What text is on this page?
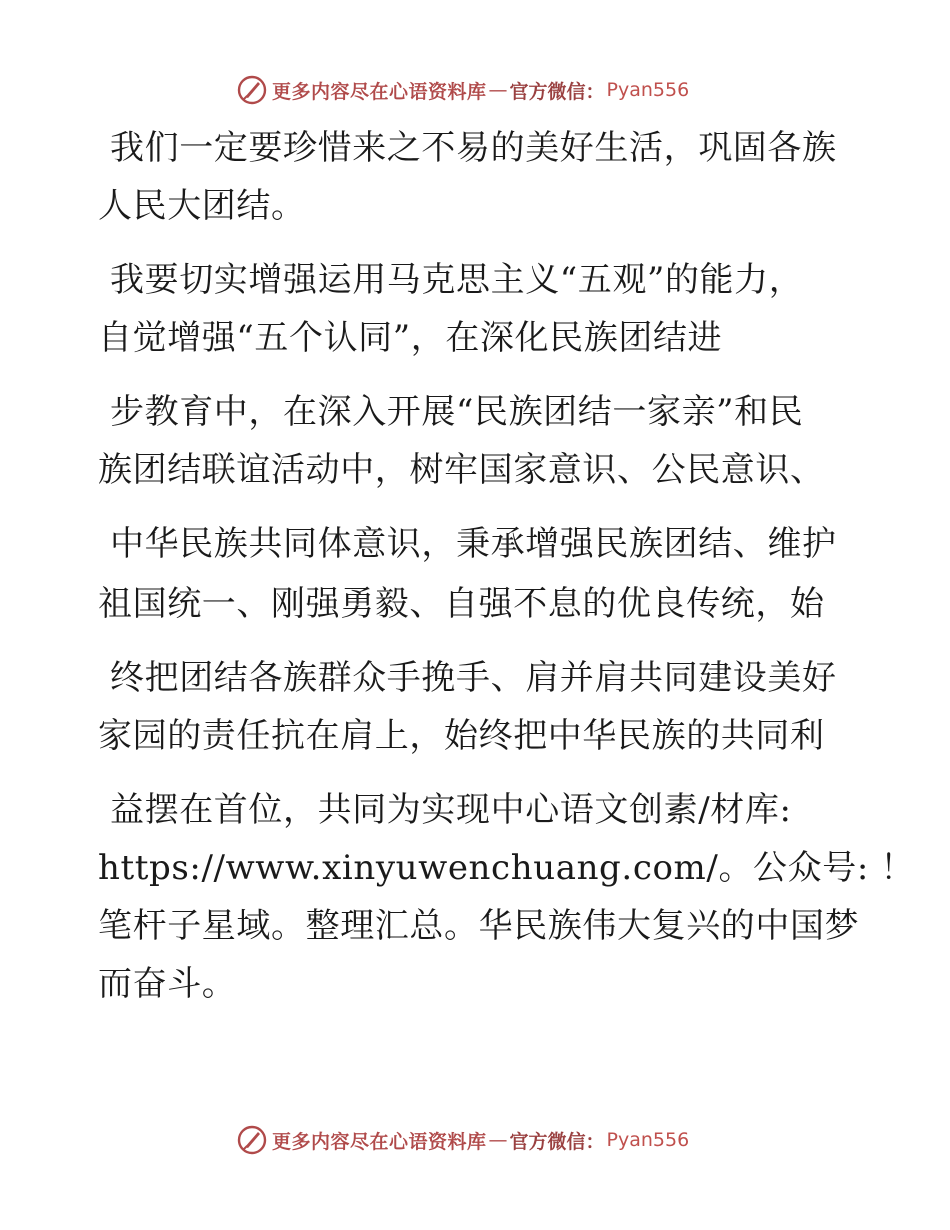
更多内容尽在心语资料库 — 官方微信： Pyan556
我们一定要珍惜来之不易的美好生活，巩固各族
人民大团结。
我要切实增强运用马克思主义“五观”的能力，
自觉增强“五个认同”，在深化民族团结进
步教育中，在深入开展“民族团结一家亲”和民
族团结联谊活动中，树牢国家意识、公民意识、
中华民族共同体意识，秉承增强民族团结、维护
祖国统一、刚强勇毅、自强不息的优良传统，始
终把团结各族群众手挽手、肩并肩共同建设美好
家园的责任抗在肩上，始终把中华民族的共同利
益摆在首位，共同为实现中心语文创素/材库:
https://www.xinyuwenchuang.com/。公众号: ！
笔杆子星域。整理汇总。华民族伟大复兴的中国梦
而奋斗。
更多内容尽在心语资料库 — 官方微信： Pyan556
